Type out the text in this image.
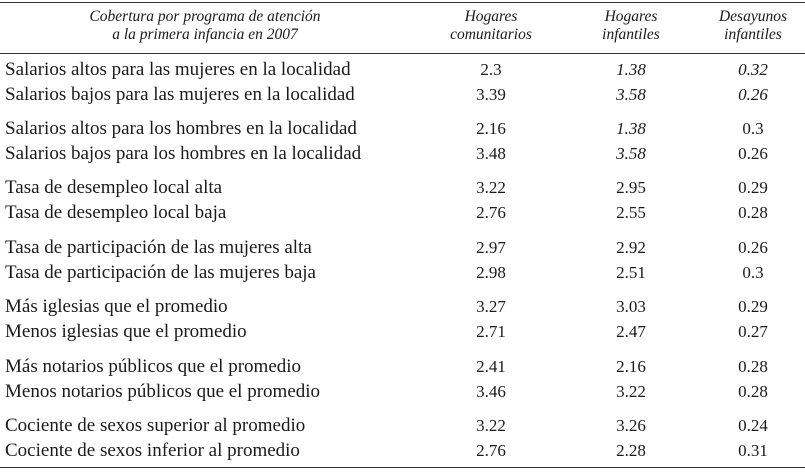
Cobertura por programa de atención
a la primera infancia en 2007
Hogares
comunitarios
Hogares
infantiles
Desayunos
infantiles
Salarios altos para las mujeres en la localidad	2.3	1.38	0.32
Salarios bajos para las mujeres en la localidad	3.39	3.58	0.26
Salarios altos para los hombres en la localidad	2.16	1.38	0.3
Salarios bajos para los hombres en la localidad	3.48	3.58	0.26
Tasa de desempleo local alta	3.22	2.95	0.29
Tasa de desempleo local baja	2.76	2.55	0.28
Tasa de participación de las mujeres alta	2.97	2.92	0.26
Tasa de participación de las mujeres baja	2.98	2.51	0.3
Más iglesias que el promedio	3.27	3.03	0.29
Menos iglesias que el promedio	2.71	2.47	0.27
Más notarios públicos que el promedio	2.41	2.16	0.28
Menos notarios públicos que el promedio	3.46	3.22	0.28
Cociente de sexos superior al promedio	3.22	3.26	0.24
Cociente de sexos inferior al promedio	2.76	2.28	0.31
